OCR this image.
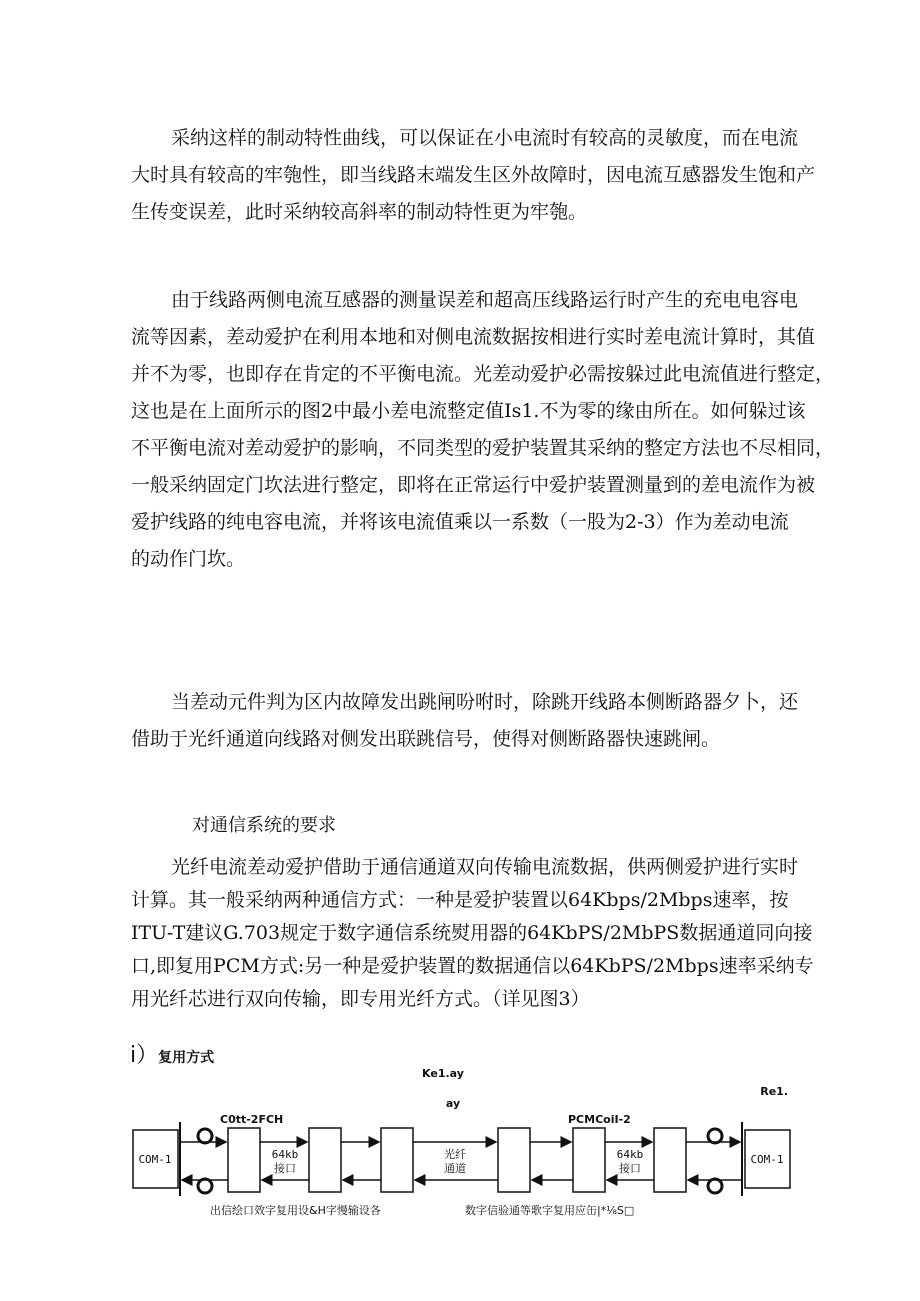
采纳这样的制动特性曲线，可以保证在小电流时有较高的灵敏度，而在电流
大时具有较高的牢匏性，即当线路末端发生区外故障时，因电流互感器发生饱和产
生传变误差，此时采纳较高斜率的制动特性更为牢匏。
由于线路两侧电流互感器的测量误差和超高压线路运行时产生的充电电容电
流等因素，差动爱护在利用本地和对侧电流数据按相进行实时差电流计算时，其值
并不为零，也即存在肯定的不平衡电流。光差动爱护必需按躲过此电流值进行整定，
这也是在上面所示的图2中最小差电流整定值Is1.不为零的缘由所在。如何躲过该
不平衡电流对差动爱护的影响，不同类型的爱护装置其采纳的整定方法也不尽相同，
一般采纳固定门坎法进行整定，即将在正常运行中爱护装置测量到的差电流作为被
爱护线路的纯电容电流，并将该电流值乘以一系数（一股为2-3）作为差动电流
的动作门坎。
当差动元件判为区内故障发出跳闸吩咐时，除跳开线路本侧断路器夕卜，还
借助于光纤通道向线路对侧发出联跳信号，使得对侧断路器快速跳闸。
对通信系统的要求
光纤电流差动爱护借助于通信通道双向传输电流数据，供两侧爱护进行实时
计算。其一般采纳两种通信方式：一种是爱护装置以64Kbps/2Mbps速率，按
ITU-T建议G.703规定于数字通信系统熨用器的64KbPS/2MbPS数据通道同向接
口,即复用PCM方式:另一种是爱护装置的数据通信以64KbPS/2Mbps速率采纳专
用光纤芯进行双向传输，即专用光纤方式。（详见图3）
i）复用方式
Ke1.ay
ay
Re1.
C0tt-2FCH	PCMCoiI-2
COM-1	COM-1
64kb
接口
光纤
通道
64kb
接口
出信绘口效字复用设&H字慢输设各	数字信验通等歌字复用应缶|*⅛S□
